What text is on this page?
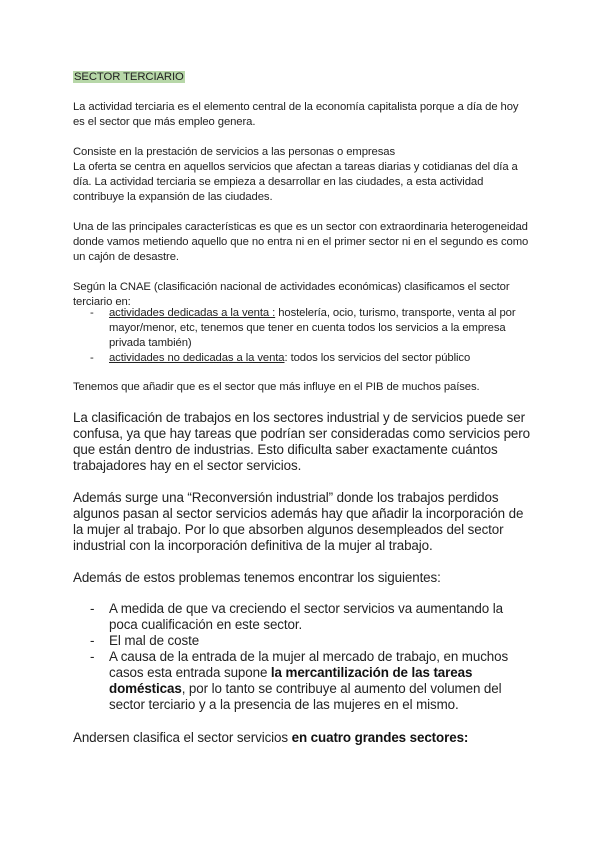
SECTOR TERCIARIO

La actividad terciaria es el elemento central de la economía capitalista porque a día de hoy es el sector que más empleo genera.

Consiste en la prestación de servicios a las personas o empresas
La oferta se centra en aquellos servicios que afectan a tareas diarias y cotidianas del día a día. La actividad terciaria se empieza a desarrollar en las ciudades, a esta actividad contribuye la expansión de las ciudades.

Una de las principales características es que es un sector con extraordinaria heterogeneidad donde vamos metiendo aquello que no entra ni en el primer sector ni en el segundo es como un cajón de desastre.

Según la CNAE (clasificación nacional de actividades económicas) clasificamos el sector terciario en:

- actividades dedicadas a la venta : hostelería, ocio, turismo, transporte, venta al por mayor/menor, etc, tenemos que tener en cuenta todos los servicios a la empresa privada también)
- actividades no dedicadas a la venta: todos los servicios del sector público

Tenemos que añadir que es el sector que más influye en el PIB de muchos países.

La clasificación de trabajos en los sectores industrial y de servicios puede ser confusa, ya que hay tareas que podrían ser consideradas como servicios pero que están dentro de industrias. Esto dificulta saber exactamente cuántos trabajadores hay en el sector servicios.

Además surge una “Reconversión industrial” donde los trabajos perdidos algunos pasan al sector servicios además hay que añadir la incorporación de la mujer al trabajo. Por lo que absorben algunos desempleados del sector industrial con la incorporación definitiva de la mujer al trabajo.

Además de estos problemas tenemos encontrar los siguientes:

- A medida de que va creciendo el sector servicios va aumentando la poca cualificación en este sector.
- El mal de coste
- A causa de la entrada de la mujer al mercado de trabajo, en muchos casos esta entrada supone la mercantilización de las tareas domésticas, por lo tanto se contribuye al aumento del volumen del sector terciario y a la presencia de las mujeres en el mismo.

Andersen clasifica el sector servicios en cuatro grandes sectores:
